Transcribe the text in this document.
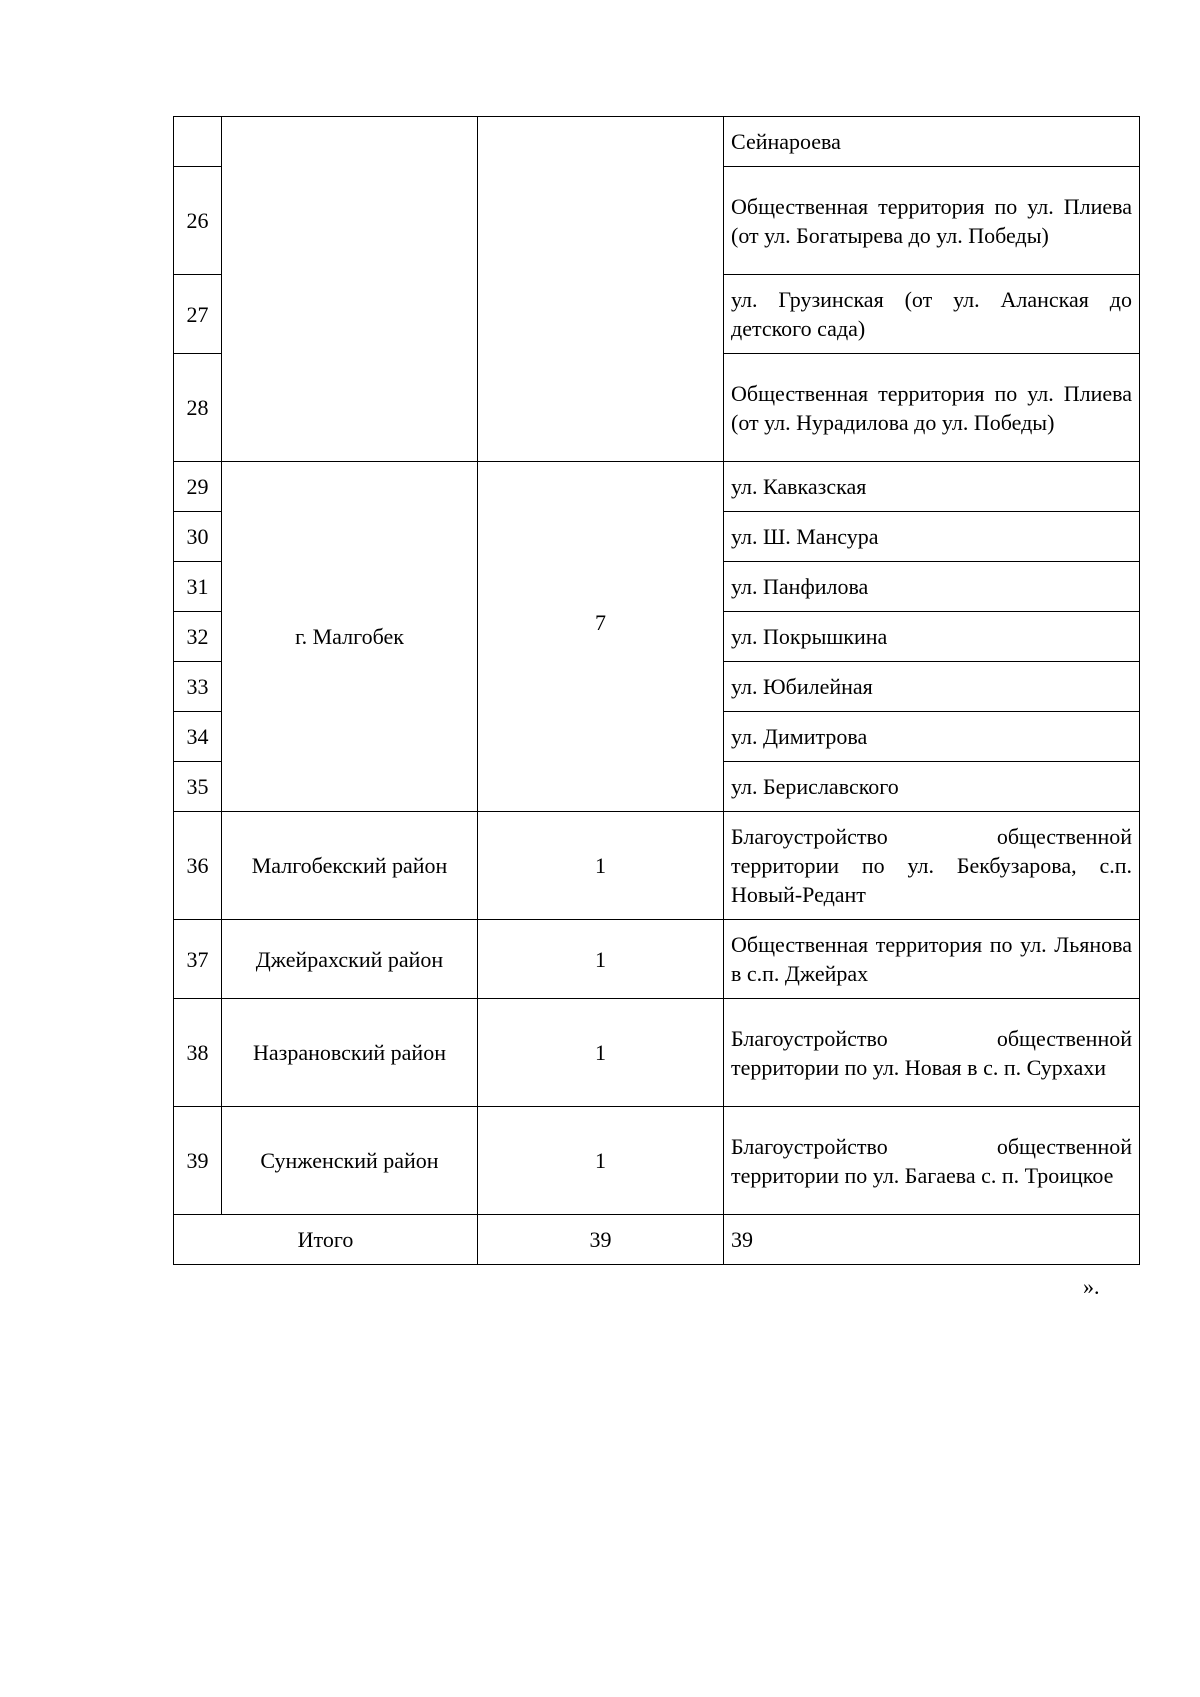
			Сейнароева
26			Общественная территория по ул. Плиева (от ул. Богатырева до ул. Победы)
27			ул. Грузинская (от ул. Аланская до детского сада)
28			Общественная территория по ул. Плиева (от ул. Нурадилова до ул. Победы)
29	г. Малгобек	7	ул. Кавказская
30			ул. Ш. Мансура
31			ул. Панфилова
32			ул. Покрышкина
33			ул. Юбилейная
34			ул. Димитрова
35			ул. Бериславского
36	Малгобекский район	1	Благоустройство общественной территории по ул. Бекбузарова, с.п. Новый-Редант
37	Джейрахский район	1	Общественная территория по ул. Льянова в с.п. Джейрах
38	Назрановский район	1	Благоустройство общественной территории по ул. Новая в с. п. Сурхахи
39	Сунженский район	1	Благоустройство общественной территории по ул. Багаева с. п. Троицкое
Итого		39	39
».
